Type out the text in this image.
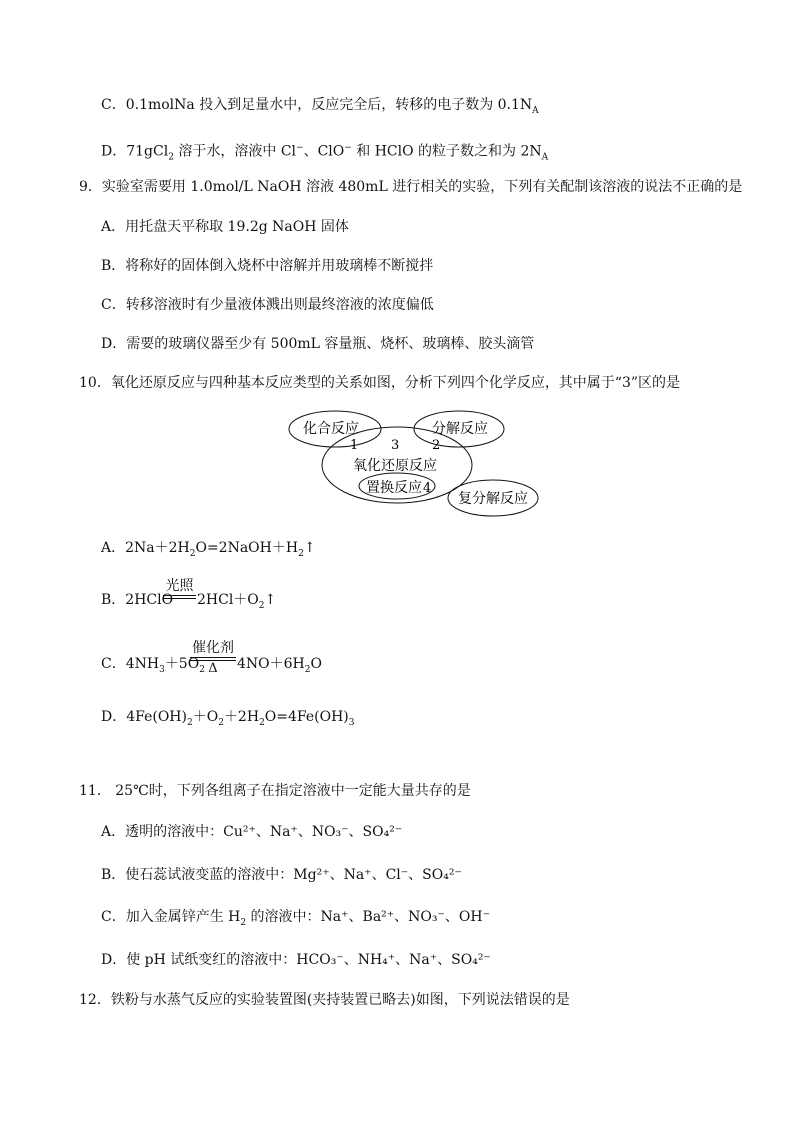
C．0.1molNa 投入到足量水中，反应完全后，转移的电子数为 $0.1N_A$
D．71gCl$_2$ 溶于水，溶液中 Cl−、ClO− 和 HClO 的粒子数之和为 $2N_A$
9．实验室需要用 1.0mol/L NaOH 溶液 480mL 进行相关的实验，下列有关配制该溶液的说法不正确的是
A．用托盘天平称取 19.2g NaOH 固体
B．将称好的固体倒入烧杯中溶解并用玻璃棒不断搅拌
C．转移溶液时有少量液体溅出则最终溶液的浓度偏低
D．需要的玻璃仪器至少有 500mL 容量瓶、烧杯、玻璃棒、胶头滴管
10．氧化还原反应与四种基本反应类型的关系如图，分析下列四个化学反应，其中属于“3”区的是
化合反应	分解反应
1	3	2
氧化还原反应
置换反应 4
复分解反应
A．$2Na+2H_2O=2NaOH+H_2↑$
B．2HClO
光照
$2HCl+O_2↑$
C．$4NH_3+5O_2$
催化剂
Δ	$4NO+6H_2O$
D．$4Fe(OH)_2+O_2+2H_2O=4Fe(OH)_3$
11． 25℃时，下列各组离子在指定溶液中一定能大量共存的是
A．透明的溶液中：Cu²⁺、Na⁺、NO₃⁻、SO₄²⁻
B．使石蕊试液变蓝的溶液中：Mg²⁺、Na⁺、Cl⁻、SO₄²⁻
C．加入金属锌产生 $H_2$ 的溶液中：Na⁺、Ba²⁺、NO₃⁻、OH⁻
D．使 pH 试纸变红的溶液中：HCO₃⁻、NH₄⁺、Na⁺、SO₄²⁻
12．铁粉与水蒸气反应的实验装置图(夹持装置已略去)如图，下列说法错误的是
